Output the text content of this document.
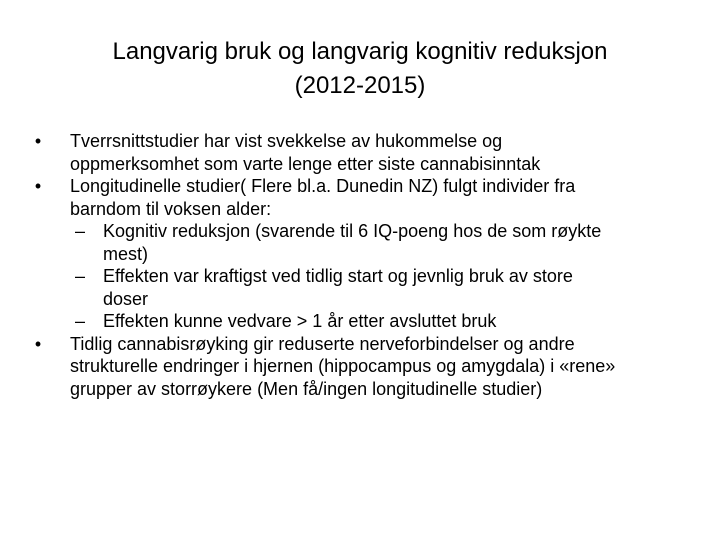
Langvarig bruk og langvarig kognitiv reduksjon
(2012-2015)
•	Tverrsnittstudier har vist svekkelse av hukommelse og
oppmerksomhet som varte lenge etter siste cannabisinntak
•	Longitudinelle studier( Flere bl.a. Dunedin NZ) fulgt individer fra
barndom til voksen alder:
– Kognitiv reduksjon (svarende til 6 IQ-poeng hos de som røykte
mest)
– Effekten var kraftigst ved tidlig start og jevnlig bruk av store
doser
– Effekten kunne vedvare > 1 år etter avsluttet bruk
•	Tidlig cannabisrøyking gir reduserte nerveforbindelser og andre
strukturelle endringer i hjernen (hippocampus og amygdala) i «rene»
grupper av storrøykere (Men få/ingen longitudinelle studier)
